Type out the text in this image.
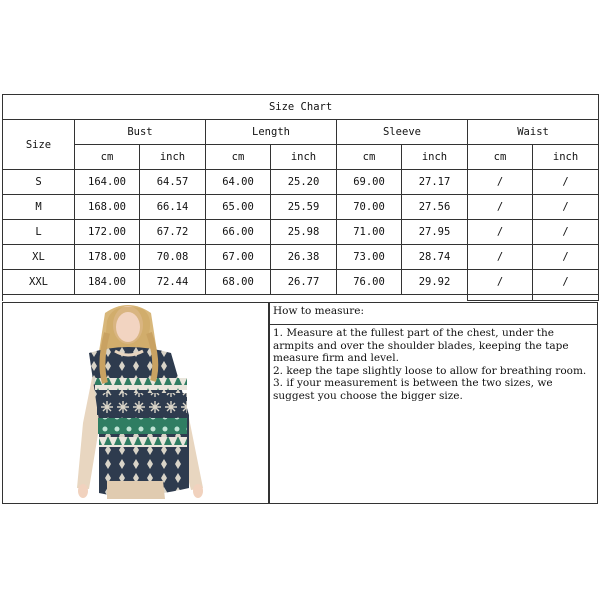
Size Chart								
Size	Bust		Length		Sleeve		Waist	
	cm	inch	cm	inch	cm	inch	cm	inch
S	164.00	64.57	64.00	25.20	69.00	27.17	/	/
M	168.00	66.14	65.00	25.59	70.00	27.56	/	/
L	172.00	67.72	66.00	25.98	71.00	27.95	/	/
XL	178.00	70.08	67.00	26.38	73.00	28.74	/	/
XXL	184.00	72.44	68.00	26.77	76.00	29.92	/	/

How to measure:

1. Measure at the fullest part of the chest, under the armpits and over the shoulder blades, keeping the tape measure firm and level.

2. keep the tape slightly loose to allow for breathing room.

3. if your measurement is between the two sizes, we suggest you choose the bigger size.
